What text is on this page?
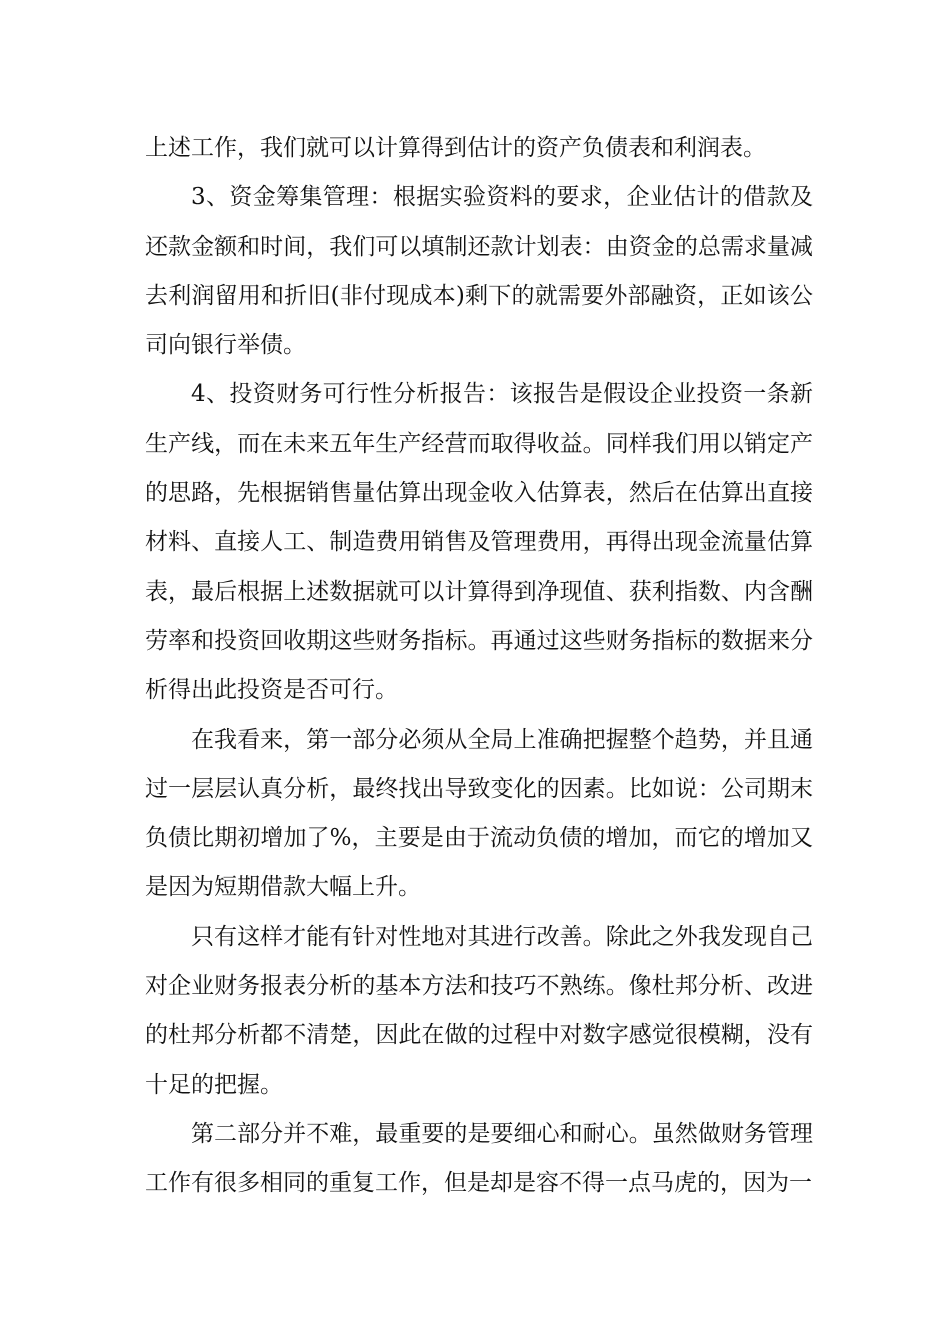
上述工作，我们就可以计算得到估计的资产负债表和利润表。

3、资金筹集管理：根据实验资料的要求，企业估计的借款及还款金额和时间，我们可以填制还款计划表：由资金的总需求量减去利润留用和折旧(非付现成本)剩下的就需要外部融资，正如该公司向银行举债。

4、投资财务可行性分析报告：该报告是假设企业投资一条新生产线，而在未来五年生产经营而取得收益。同样我们用以销定产的思路，先根据销售量估算出现金收入估算表，然后在估算出直接材料、直接人工、制造费用销售及管理费用，再得出现金流量估算表，最后根据上述数据就可以计算得到净现值、获利指数、内含酬劳率和投资回收期这些财务指标。再通过这些财务指标的数据来分析得出此投资是否可行。

在我看来，第一部分必须从全局上准确把握整个趋势，并且通过一层层认真分析，最终找出导致变化的因素。比如说：公司期末负债比期初增加了%，主要是由于流动负债的增加，而它的增加又是因为短期借款大幅上升。

只有这样才能有针对性地对其进行改善。除此之外我发现自己对企业财务报表分析的基本方法和技巧不熟练。像杜邦分析、改进的杜邦分析都不清楚，因此在做的过程中对数字感觉很模糊，没有十足的把握。

第二部分并不难，最重要的是要细心和耐心。虽然做财务管理工作有很多相同的重复工作，但是却是容不得一点马虎的，因为一
